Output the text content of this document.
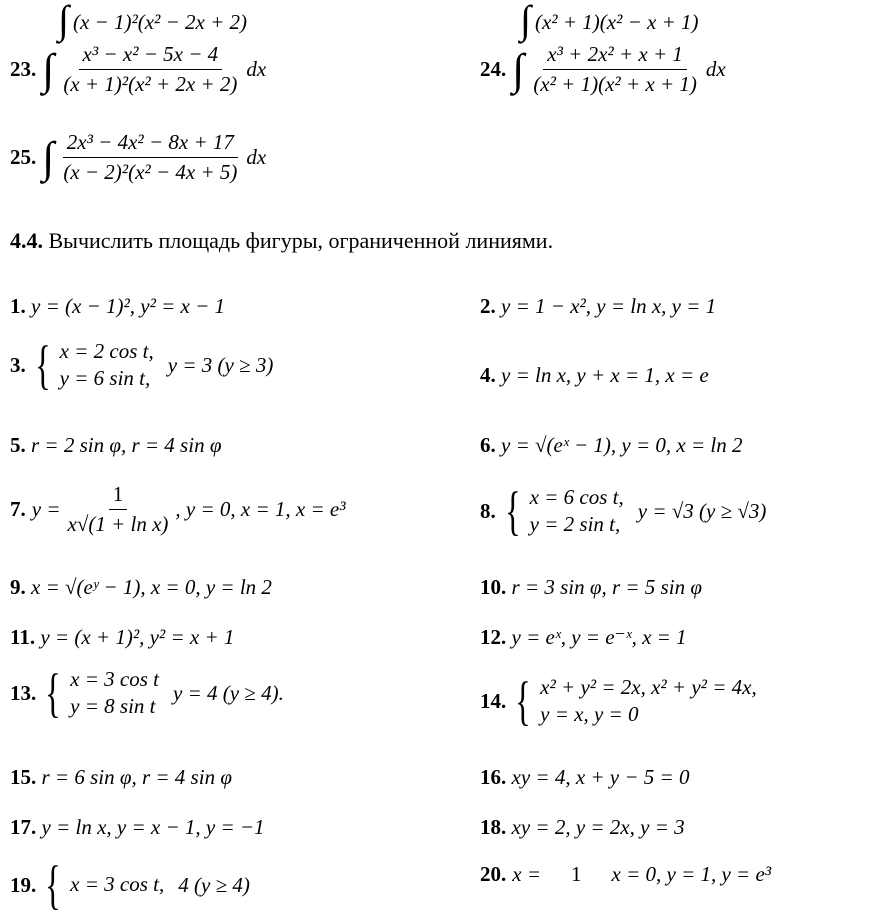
∫ (x − 1)²(x² − 2x + 2)	∫ (x² + 1)(x² − x + 1)
23. ∫ $\frac{\text{x³ − x² − 5x − 4}}{\text{(x + 1)²(x² + 2x + 2)}}$ dx	24. ∫ $\frac{\text{x³ + 2x² + x + 1}}{\text{(x² + 1)(x² + x + 1)}}$ dx
25. ∫ $\frac{\text{2x³ − 4x² − 8x + 17}}{\text{(x − 2)²(x² − 4x + 5)}}$ dx
4.4. Вычислить площадь фигуры, ограниченной линиями.
1. y = (x − 1)², y² = x − 1	2. y = 1 − x², y = ln x, y = 1
3. { x = 2 cos t,
y = 6 sin t,
y = 3 (y ≥ 3)	4. y = ln x, y + x = 1, x = e
5. r = 2 sin φ, r = 4 sin φ	6. y = √(eˣ − 1), y = 0, x = ln 2
7. $y = \frac{1}{\text{x√(1 + ln x)}}$ , y = 0, x = 1, x = e³	8. { x = 6 cos t,
y = 2 sin t,
y = √3 (y ≥ √3)
9. x = √(eʸ − 1), x = 0, y = ln 2	10. r = 3 sin φ, r = 5 sin φ
11. y = (x + 1)², y² = x + 1	12. y = eˣ, y = e⁻ˣ, x = 1
13. { x = 3 cos t
y = 8 sin t
y = 4 (y ≥ 4).	14. { x² + y² = 2x, x² + y² = 4x,
y = x, y = 0
15. r = 6 sin φ, r = 4 sin φ	16. xy = 4, x + y − 5 = 0
17. y = ln x, y = x − 1, y = −1	18. xy = 2, y = 2x, y = 3
19. { x = 3 cos t, 4 (y ≥ 4)	20. x = 1 x = 0, y = 1, y = e³
